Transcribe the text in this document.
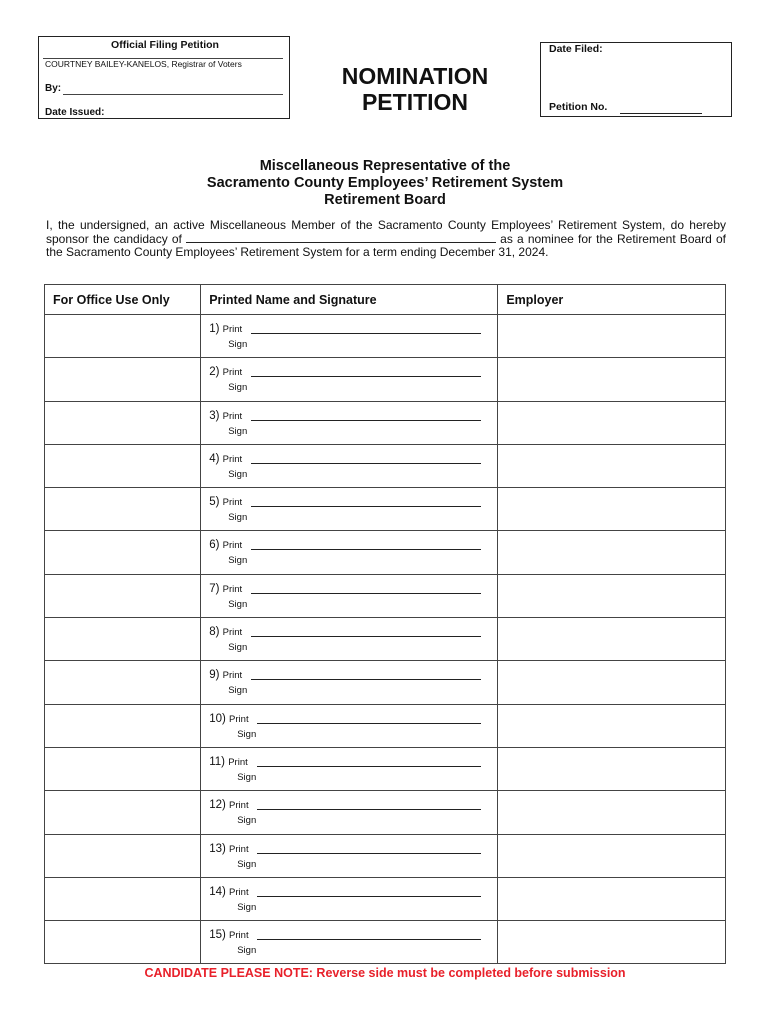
Official Filing Petition
COURTNEY BAILEY-KANELOS, Registrar of Voters
By:
Date Issued:
NOMINATION
PETITION
Date Filed:
Petition No.
Miscellaneous Representative of the
Sacramento County Employees’ Retirement System
Retirement Board
I, the undersigned, an active Miscellaneous Member of the Sacramento County Employees’ Retirement System, do hereby sponsor the candidacy of	as a nominee for the Retirement Board of the Sacramento County Employees’ Retirement System for a term ending December 31, 2024.
For Office Use Only	Printed Name and Signature	Employer

	1) Print
Sign	

	2) Print
Sign	

	3) Print
Sign	

	4) Print
Sign	

	5) Print
Sign	

	6) Print
Sign	

	7) Print
Sign	

	8) Print
Sign	

	9) Print
Sign	

	10) Print
Sign	

	11) Print
Sign	

	12) Print
Sign	

	13) Print
Sign	

	14) Print
Sign	

	15) Print
Sign	

CANDIDATE PLEASE NOTE: Reverse side must be completed before submission
